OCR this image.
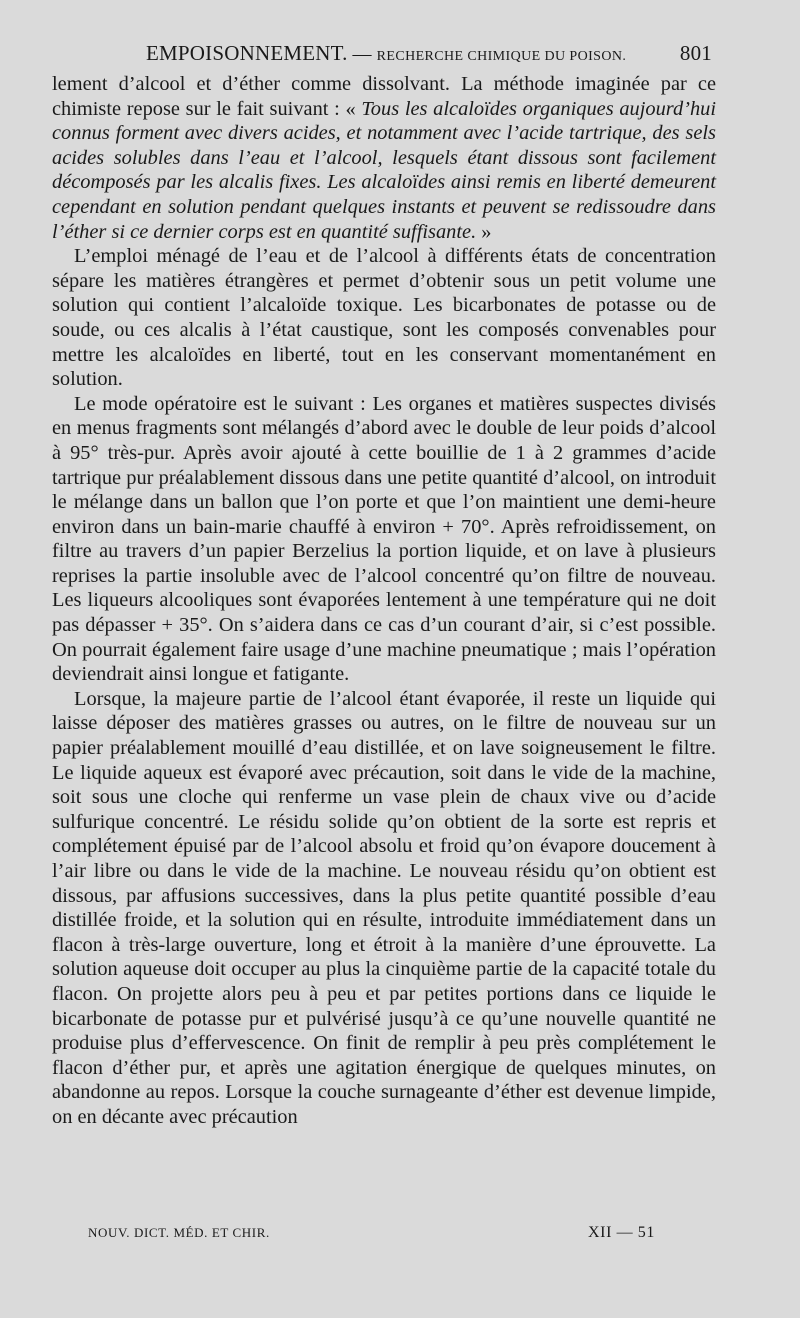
EMPOISONNEMENT. — RECHERCHE CHIMIQUE DU POISON.	801

lement d’alcool et d’éther comme dissolvant. La méthode imaginée par ce chimiste repose sur le fait suivant : « Tous les alcaloïdes organiques aujourd’hui connus forment avec divers acides, et notamment avec l’acide tartrique, des sels acides solubles dans l’eau et l’alcool, lesquels étant dissous sont facilement décomposés par les alcalis fixes. Les alcaloïdes ainsi remis en liberté demeurent cependant en solution pendant quelques instants et peuvent se redissoudre dans l’éther si ce dernier corps est en quantité suffisante. »

L’emploi ménagé de l’eau et de l’alcool à différents états de concentration sépare les matières étrangères et permet d’obtenir sous un petit volume une solution qui contient l’alcaloïde toxique. Les bicarbonates de potasse ou de soude, ou ces alcalis à l’état caustique, sont les composés convenables pour mettre les alcaloïdes en liberté, tout en les conservant momentanément en solution.

Le mode opératoire est le suivant : Les organes et matières suspectes divisés en menus fragments sont mélangés d’abord avec le double de leur poids d’alcool à 95° très-pur. Après avoir ajouté à cette bouillie de 1 à 2 grammes d’acide tartrique pur préalablement dissous dans une petite quantité d’alcool, on introduit le mélange dans un ballon que l’on porte et que l’on maintient une demi-heure environ dans un bain-marie chauffé à environ + 70°. Après refroidissement, on filtre au travers d’un papier Berzelius la portion liquide, et on lave à plusieurs reprises la partie insoluble avec de l’alcool concentré qu’on filtre de nouveau. Les liqueurs alcooliques sont évaporées lentement à une température qui ne doit pas dépasser + 35°. On s’aidera dans ce cas d’un courant d’air, si c’est possible. On pourrait également faire usage d’une machine pneumatique ; mais l’opération deviendrait ainsi longue et fatigante.

Lorsque, la majeure partie de l’alcool étant évaporée, il reste un liquide qui laisse déposer des matières grasses ou autres, on le filtre de nouveau sur un papier préalablement mouillé d’eau distillée, et on lave soigneusement le filtre. Le liquide aqueux est évaporé avec précaution, soit dans le vide de la machine, soit sous une cloche qui renferme un vase plein de chaux vive ou d’acide sulfurique concentré. Le résidu solide qu’on obtient de la sorte est repris et complétement épuisé par de l’alcool absolu et froid qu’on évapore doucement à l’air libre ou dans le vide de la machine. Le nouveau résidu qu’on obtient est dissous, par affusions successives, dans la plus petite quantité possible d’eau distillée froide, et la solution qui en résulte, introduite immédiatement dans un flacon à très-large ouverture, long et étroit à la manière d’une éprouvette. La solution aqueuse doit occuper au plus la cinquième partie de la capacité totale du flacon. On projette alors peu à peu et par petites portions dans ce liquide le bicarbonate de potasse pur et pulvérisé jusqu’à ce qu’une nouvelle quantité ne produise plus d’effervescence. On finit de remplir à peu près complétement le flacon d’éther pur, et après une agitation énergique de quelques minutes, on abandonne au repos. Lorsque la couche surnageante d’éther est devenue limpide, on en décante avec précaution

NOUV. DICT. MÉD. ET CHIR.	XII — 51
